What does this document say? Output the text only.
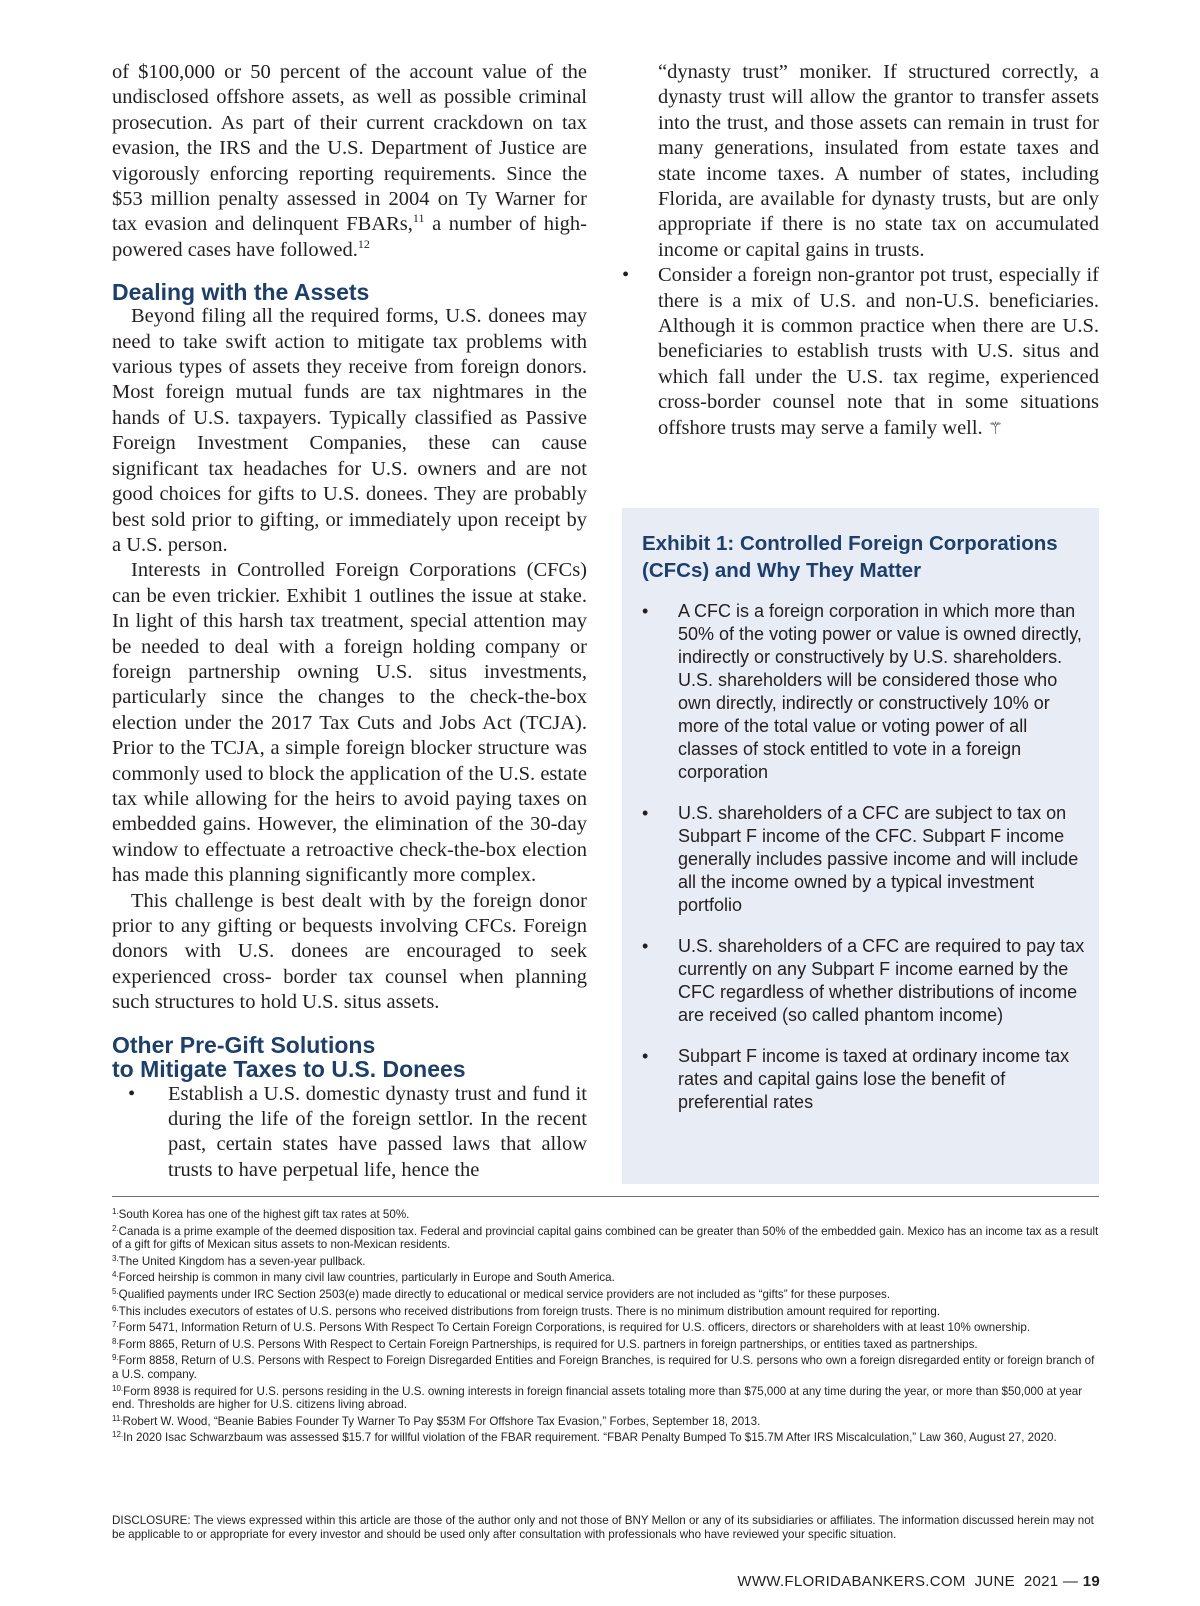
of $100,000 or 50 percent of the account value of the undisclosed offshore assets, as well as possible criminal prosecution. As part of their current crackdown on tax evasion, the IRS and the U.S. Department of Justice are vigorously enforcing reporting requirements. Since the $53 million penalty assessed in 2004 on Ty Warner for tax evasion and delinquent FBARs,$^{11}$ a number of high-powered cases have followed.$^{12}$

Dealing with the Assets

Beyond filing all the required forms, U.S. donees may need to take swift action to mitigate tax problems with various types of assets they receive from foreign donors. Most foreign mutual funds are tax nightmares in the hands of U.S. taxpayers. Typically classified as Passive Foreign Investment Companies, these can cause significant tax headaches for U.S. owners and are not good choices for gifts to U.S. donees. They are probably best sold prior to gifting, or immediately upon receipt by a U.S. person.

Interests in Controlled Foreign Corporations (CFCs) can be even trickier. Exhibit 1 outlines the issue at stake. In light of this harsh tax treatment, special attention may be needed to deal with a foreign holding company or foreign partnership owning U.S. situs investments, particularly since the changes to the check-the-box election under the 2017 Tax Cuts and Jobs Act (TCJA). Prior to the TCJA, a simple foreign blocker structure was commonly used to block the application of the U.S. estate tax while allowing for the heirs to avoid paying taxes on embedded gains. However, the elimination of the 30-day window to effectuate a retroactive check-the-box election has made this planning significantly more complex.

This challenge is best dealt with by the foreign donor prior to any gifting or bequests involving CFCs. Foreign donors with U.S. donees are encouraged to seek experienced cross- border tax counsel when planning such structures to hold U.S. situs assets.

Other Pre-Gift Solutions
to Mitigate Taxes to U.S. Donees
• Establish a U.S. domestic dynasty trust and fund it during the life of the foreign settlor. In the recent past, certain states have passed laws that allow trusts to have perpetual life, hence the
“dynasty trust” moniker. If structured correctly, a dynasty trust will allow the grantor to transfer assets into the trust, and those assets can remain in trust for many generations, insulated from estate taxes and state income taxes. A number of states, including Florida, are available for dynasty trusts, but are only appropriate if there is no state tax on accumulated income or capital gains in trusts.
• Consider a foreign non-grantor pot trust, especially if there is a mix of U.S. and non-U.S. beneficiaries. Although it is common practice when there are U.S. beneficiaries to establish trusts with U.S. situs and which fall under the U.S. tax regime, experienced cross-border counsel note that in some situations offshore trusts may serve a family well. ⚚
Exhibit 1: Controlled Foreign Corporations (CFCs) and Why They Matter
• A CFC is a foreign corporation in which more than 50% of the voting power or value is owned directly, indirectly or constructively by U.S. shareholders. U.S. shareholders will be considered those who own directly, indirectly or constructively 10% or more of the total value or voting power of all classes of stock entitled to vote in a foreign corporation
• U.S. shareholders of a CFC are subject to tax on Subpart F income of the CFC. Subpart F income generally includes passive income and will include all the income owned by a typical investment portfolio
• U.S. shareholders of a CFC are required to pay tax currently on any Subpart F income earned by the CFC regardless of whether distributions of income are received (so called phantom income)
• Subpart F income is taxed at ordinary income tax rates and capital gains lose the benefit of preferential rates

$^{1.}$South Korea has one of the highest gift tax rates at 50%.

$^{2.}$Canada is a prime example of the deemed disposition tax. Federal and provincial capital gains combined can be greater than 50% of the embedded gain. Mexico has an income tax as a result of a gift for gifts of Mexican situs assets to non-Mexican residents.

$^{3.}$The United Kingdom has a seven-year pullback.

$^{4.}$Forced heirship is common in many civil law countries, particularly in Europe and South America.

$^{5.}$Qualified payments under IRC Section 2503(e) made directly to educational or medical service providers are not included as “gifts” for these purposes.

$^{6.}$This includes executors of estates of U.S. persons who received distributions from foreign trusts. There is no minimum distribution amount required for reporting.

$^{7.}$Form 5471, Information Return of U.S. Persons With Respect To Certain Foreign Corporations, is required for U.S. officers, directors or shareholders with at least 10% ownership.

$^{8.}$Form 8865, Return of U.S. Persons With Respect to Certain Foreign Partnerships, is required for U.S. partners in foreign partnerships, or entities taxed as partnerships.

$^{9.}$Form 8858, Return of U.S. Persons with Respect to Foreign Disregarded Entities and Foreign Branches, is required for U.S. persons who own a foreign disregarded entity or foreign branch of a U.S. company.

$^{10.}$Form 8938 is required for U.S. persons residing in the U.S. owning interests in foreign financial assets totaling more than $75,000 at any time during the year, or more than $50,000 at year end. Thresholds are higher for U.S. citizens living abroad.

$^{11.}$Robert W. Wood, “Beanie Babies Founder Ty Warner To Pay $53M For Offshore Tax Evasion,” Forbes, September 18, 2013.

$^{12.}$In 2020 Isac Schwarzbaum was assessed $15.7 for willful violation of the FBAR requirement. “FBAR Penalty Bumped To $15.7M After IRS Miscalculation,” Law 360, August 27, 2020.

DISCLOSURE: The views expressed within this article are those of the author only and not those of BNY Mellon or any of its subsidiaries or affiliates. The information discussed herein may not be applicable to or appropriate for every investor and should be used only after consultation with professionals who have reviewed your specific situation.
WWW.FLORIDABANKERS.COM  JUNE  2021 — 19
